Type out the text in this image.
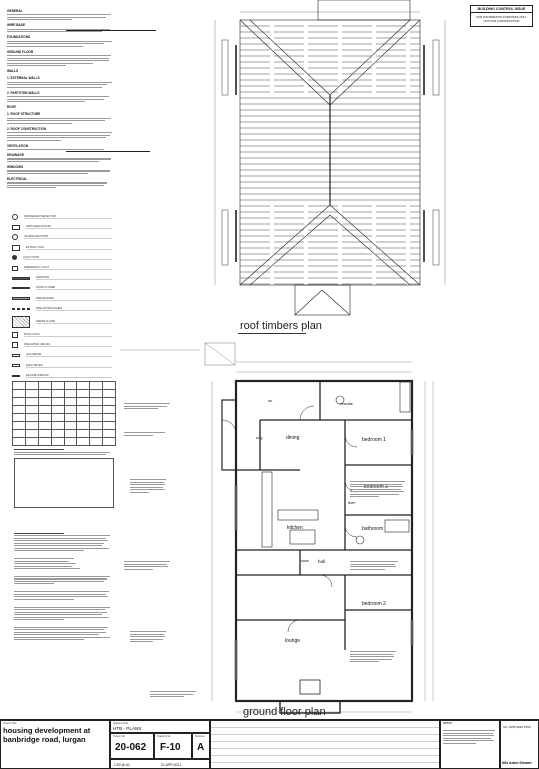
GENERAL
WIRE BASE
FOUNDATIONS
GROUND FLOOR
WALLS
1. EXTERNAL WALLS
2. PARTITION WALLS
ROOF
1. ROOF STRUCTURE
2. ROOF CONSTRUCTION
VENTILATION
DRAINAGE
WINDOWS
ELECTRICAL
SMOKE/HEAT DETECTOR
SWITCHED SOCKET
TELEPHONE POINT
EXTRACT FAN
LIGHT POINT
EMERGENCY LIGHT
RADIATOR
DOOR CLOSER
FIRE BLANKET
FIRE EXTINGUISHER
SMOKE ALARM
ROOF LIGHT
FIRE RATED CEILING
GAS METER
ELEC METER
ESCAPE WINDOW

BUILDING CONTROL ISSUE
FOR INFORMATION PURPOSES ONLY
NOT FOR CONSTRUCTION
roof timbers plan
ensuite
dining	bedroom 1
kitchen	bathroom
hall
bedroom 2
lounge
u/ty
linen
store
wc
ground floor plan
Project Title
housing development at banbridge road, lurgan
Drawing Title
HTB - PLANS
Project No
20-062
Drawing No
F-10
Revision
A
1:50 @ A1	21.APR.2021
NOTES
Tel: (028) 9262 5766
Nils Adam Stewart
